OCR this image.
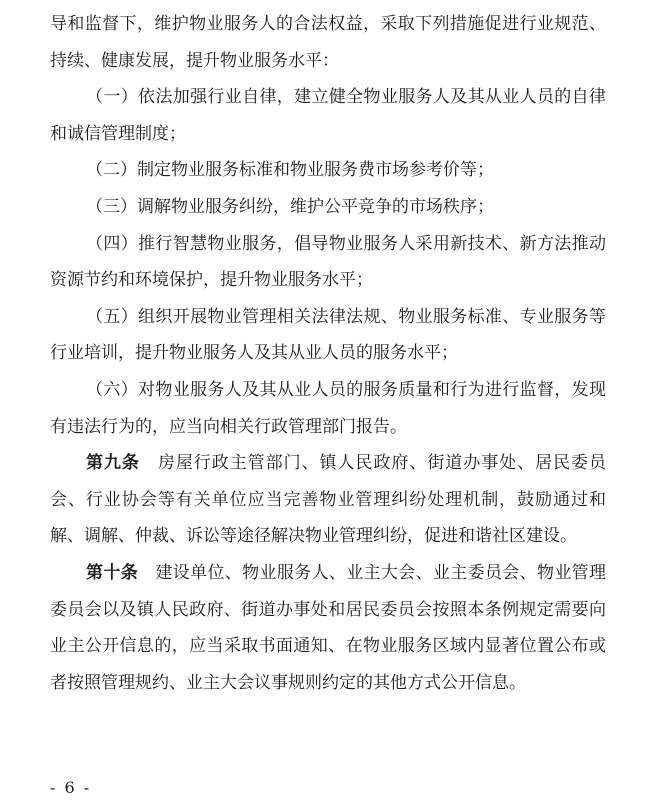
导和监督下，维护物业服务人的合法权益，采取下列措施促进行业规范、持续、健康发展，提升物业服务水平：

（一）依法加强行业自律，建立健全物业服务人及其从业人员的自律和诚信管理制度；

（二）制定物业服务标准和物业服务费市场参考价等；

（三）调解物业服务纠纷，维护公平竞争的市场秩序；

（四）推行智慧物业服务，倡导物业服务人采用新技术、新方法推动资源节约和环境保护，提升物业服务水平；

（五）组织开展物业管理相关法律法规、物业服务标准、专业服务等行业培训，提升物业服务人及其从业人员的服务水平；

（六）对物业服务人及其从业人员的服务质量和行为进行监督，发现有违法行为的，应当向相关行政管理部门报告。

第九条　 房屋行政主管部门、镇人民政府、街道办事处、居民委员会、行业协会等有关单位应当完善物业管理纠纷处理机制，鼓励通过和解、调解、仲裁、诉讼等途径解决物业管理纠纷，促进和谐社区建设。

第十条　 建设单位、物业服务人、业主大会、业主委员会、物业管理委员会以及镇人民政府、街道办事处和居民委员会按照本条例规定需要向业主公开信息的，应当采取书面通知、在物业服务区域内显著位置公布或者按照管理规约、业主大会议事规则约定的其他方式公开信息。

- 6 -
